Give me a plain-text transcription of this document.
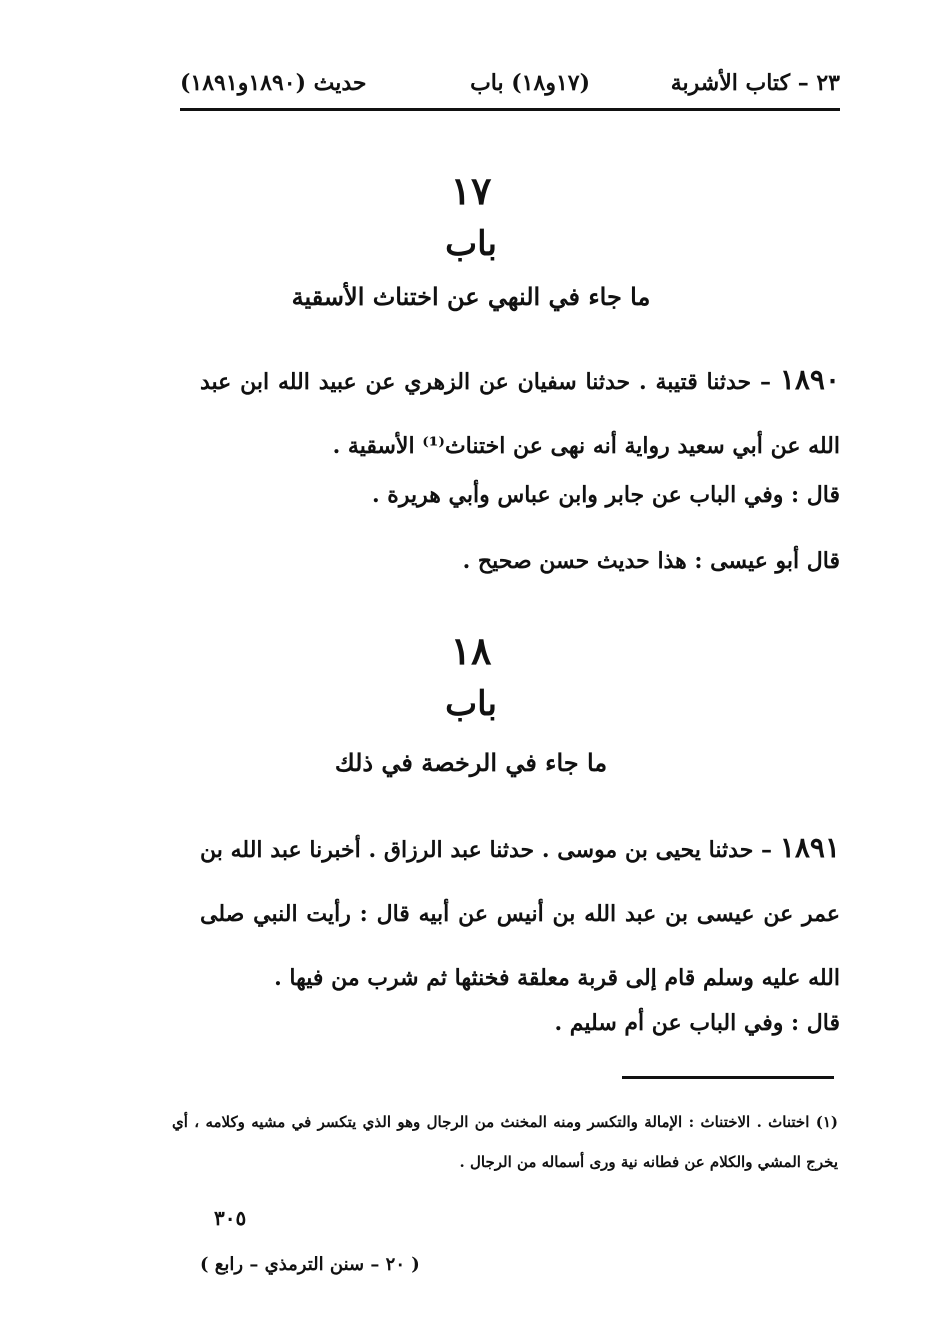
٢٣ – كتاب الأشربة
(١٧و١٨) باب
حديث (١٨٩٠و١٨٩١)
١٧
باب
ما جاء في النهي عن اختناث الأسقية
١٨٩٠ – حدثنا قتيبة . حدثنا سفيان عن الزهري عن عبيد الله ابن عبد الله عن أبي سعيد رواية أنه نهى عن اختناث⁽¹⁾ الأسقية .
قال : وفي الباب عن جابر وابن عباس وأبي هريرة .
قال أبو عيسى : هذا حديث حسن صحيح .
١٨
باب
ما جاء في الرخصة في ذلك
١٨٩١ – حدثنا يحيى بن موسى . حدثنا عبد الرزاق . أخبرنا عبد الله بن عمر عن عيسى بن عبد الله بن أنيس عن أبيه قال : رأيت النبي صلى الله عليه وسلم قام إلى قربة معلقة فخنثها ثم شرب من فيها .
قال : وفي الباب عن أم سليم .
(١) اختناث . الاختناث : الإمالة والتكسر ومنه المخنث من الرجال وهو الذي يتكسر في مشيه وكلامه ، أي يخرج المشي والكلام عن فطانه نية ورى أسماله من الرجال .
٣٠٥
( ٢٠ – سنن الترمذي – رابع )
